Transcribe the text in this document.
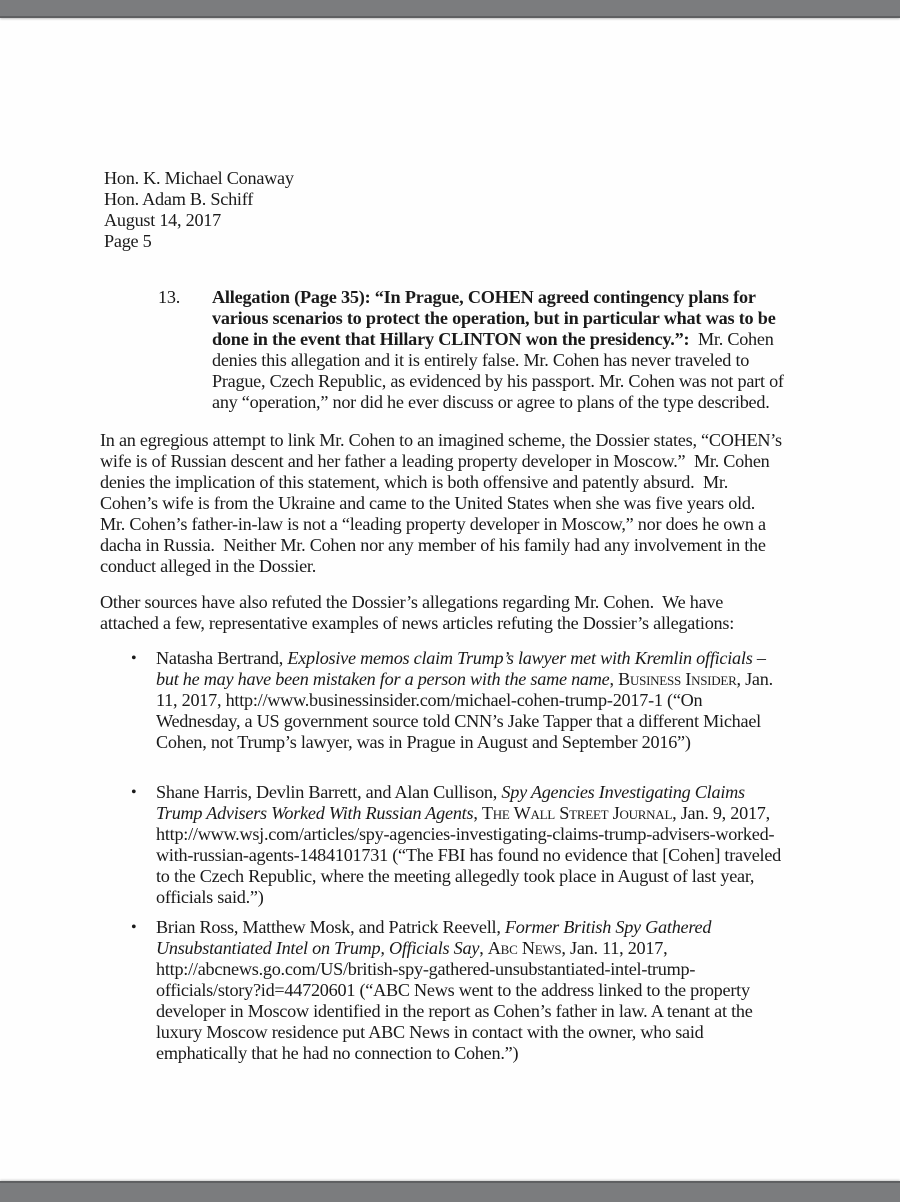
Hon. K. Michael Conaway
Hon. Adam B. Schiff
August 14, 2017
Page 5
13. Allegation (Page 35): “In Prague, COHEN agreed contingency plans for
various scenarios to protect the operation, but in particular what was to be
done in the event that Hillary CLINTON won the presidency.”:  Mr. Cohen
denies this allegation and it is entirely false. Mr. Cohen has never traveled to
Prague, Czech Republic, as evidenced by his passport. Mr. Cohen was not part of
any “operation,” nor did he ever discuss or agree to plans of the type described.
In an egregious attempt to link Mr. Cohen to an imagined scheme, the Dossier states, “COHEN’s
wife is of Russian descent and her father a leading property developer in Moscow.”  Mr. Cohen
denies the implication of this statement, which is both offensive and patently absurd.  Mr.
Cohen’s wife is from the Ukraine and came to the United States when she was five years old.
Mr. Cohen’s father-in-law is not a “leading property developer in Moscow,” nor does he own a
dacha in Russia.  Neither Mr. Cohen nor any member of his family had any involvement in the
conduct alleged in the Dossier.
Other sources have also refuted the Dossier’s allegations regarding Mr. Cohen.  We have
attached a few, representative examples of news articles refuting the Dossier’s allegations:
• Natasha Bertrand, Explosive memos claim Trump’s lawyer met with Kremlin officials –
but he may have been mistaken for a person with the same name, Business Insider, Jan.
11, 2017, http://www.businessinsider.com/michael-cohen-trump-2017-1 (“On
Wednesday, a US government source told CNN’s Jake Tapper that a different Michael
Cohen, not Trump’s lawyer, was in Prague in August and September 2016”)
• Shane Harris, Devlin Barrett, and Alan Cullison, Spy Agencies Investigating Claims
Trump Advisers Worked With Russian Agents, The Wall Street Journal, Jan. 9, 2017,
http://www.wsj.com/articles/spy-agencies-investigating-claims-trump-advisers-worked-
with-russian-agents-1484101731 (“The FBI has found no evidence that [Cohen] traveled
to the Czech Republic, where the meeting allegedly took place in August of last year,
officials said.”)
• Brian Ross, Matthew Mosk, and Patrick Reevell, Former British Spy Gathered
Unsubstantiated Intel on Trump, Officials Say, Abc News, Jan. 11, 2017,
http://abcnews.go.com/US/british-spy-gathered-unsubstantiated-intel-trump-
officials/story?id=44720601 (“ABC News went to the address linked to the property
developer in Moscow identified in the report as Cohen’s father in law. A tenant at the
luxury Moscow residence put ABC News in contact with the owner, who said
emphatically that he had no connection to Cohen.”)
